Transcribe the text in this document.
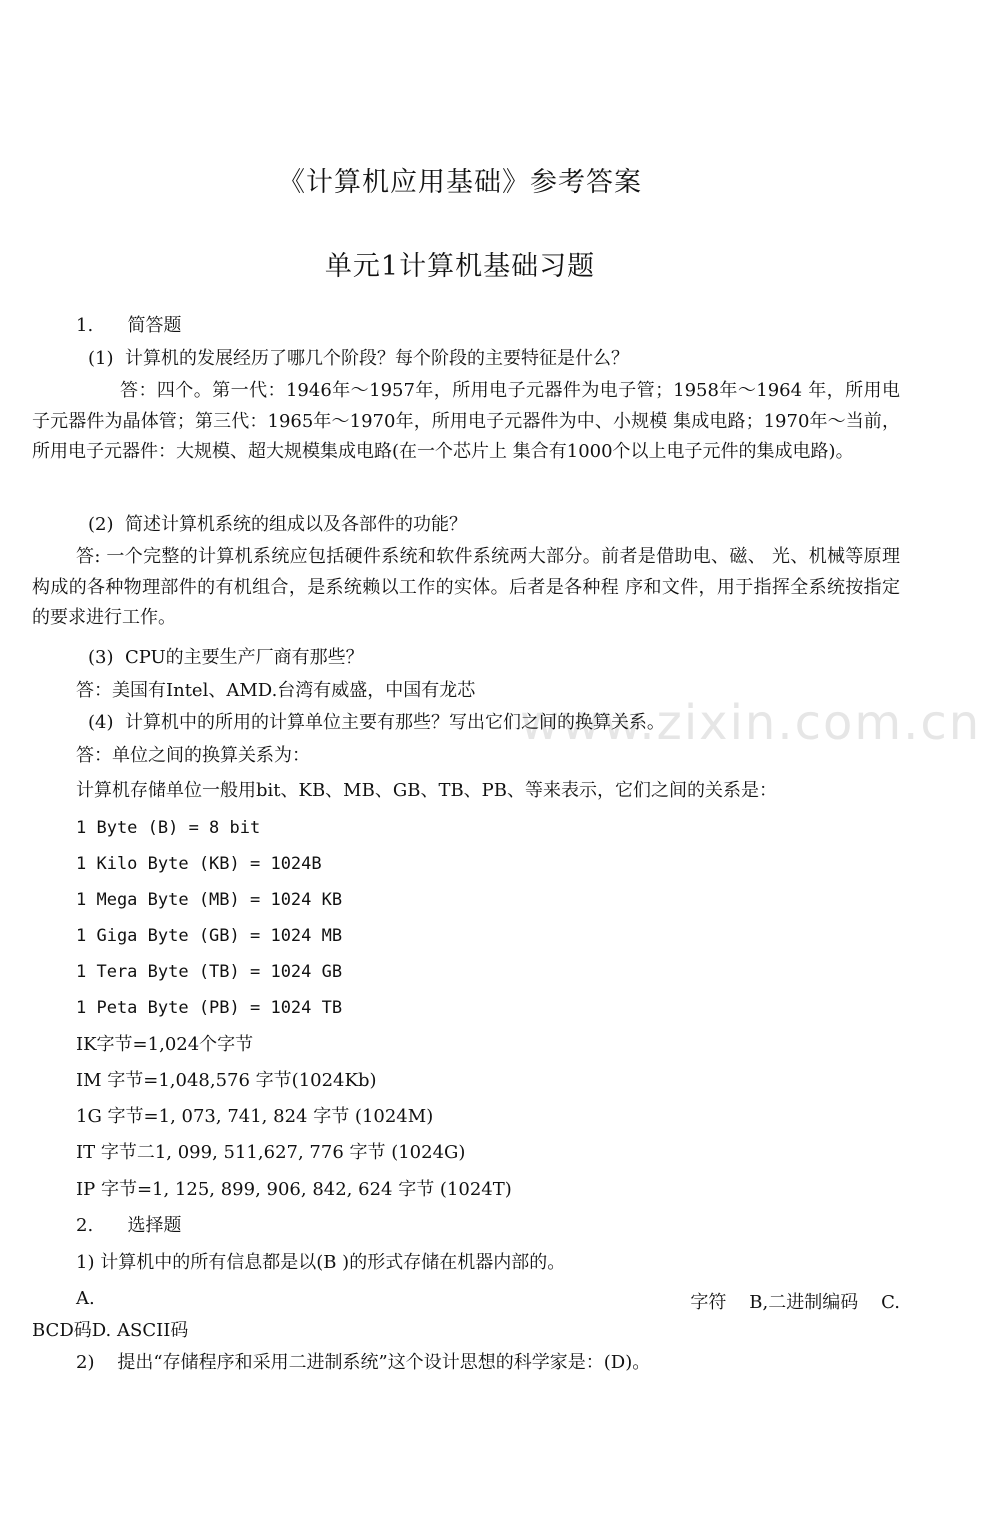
www.zixin.com.cn
《计算机应用基础》参考答案
单元1计算机基础习题
1.      简答题
(1)  计算机的发展经历了哪几个阶段？每个阶段的主要特征是什么？
答：四个。第一代：1946年〜1957年，所用电子元器件为电子管；1958年〜1964 年，所用电子元器件为晶体管；第三代：1965年〜1970年，所用电子元器件为中、小规模 集成电路；1970年〜当前，所用电子元器件：大规模、超大规模集成电路(在一个芯片上 集合有1000个以上电子元件的集成电路)。
(2)  简述计算机系统的组成以及各部件的功能？
答: 一个完整的计算机系统应包括硬件系统和软件系统两大部分。前者是借助电、磁、 光、机械等原理构成的各种物理部件的有机组合，是系统赖以工作的实体。后者是各种程 序和文件，用于指挥全系统按指定的要求进行工作。
(3)  CPU的主要生产厂商有那些？
答：美国有Intel、AMD.台湾有威盛，中国有龙芯
(4)  计算机中的所用的计算单位主要有那些？写出它们之间的换算关系。
答：单位之间的换算关系为：
计算机存储单位一般用bit、KB、MB、GB、TB、PB、等来表示，它们之间的关系是：
1 Byte (B) = 8 bit
1 Kilo Byte (KB) = 1024B
1 Mega Byte (MB) = 1024 KB
1 Giga Byte (GB) = 1024 MB
1 Tera Byte (TB) = 1024 GB
1 Peta Byte (PB) = 1024 TB
IK字节=1,024个字节
IM 字节=1,048,576 字节(1024Kb)
1G 字节=1, 073, 741, 824 字节 (1024M)
IT 字节二1, 099, 511,627, 776 字节 (1024G)
IP 字节=1, 125, 899, 906, 842, 624 字节 (1024T)
2.      选择题
1) 计算机中的所有信息都是以(B )的形式存储在机器内部的。
A.	字符    B,二进制编码    C.
BCD码D. ASCII码
2)    提出“存储程序和采用二进制系统”这个设计思想的科学家是：(D)。
